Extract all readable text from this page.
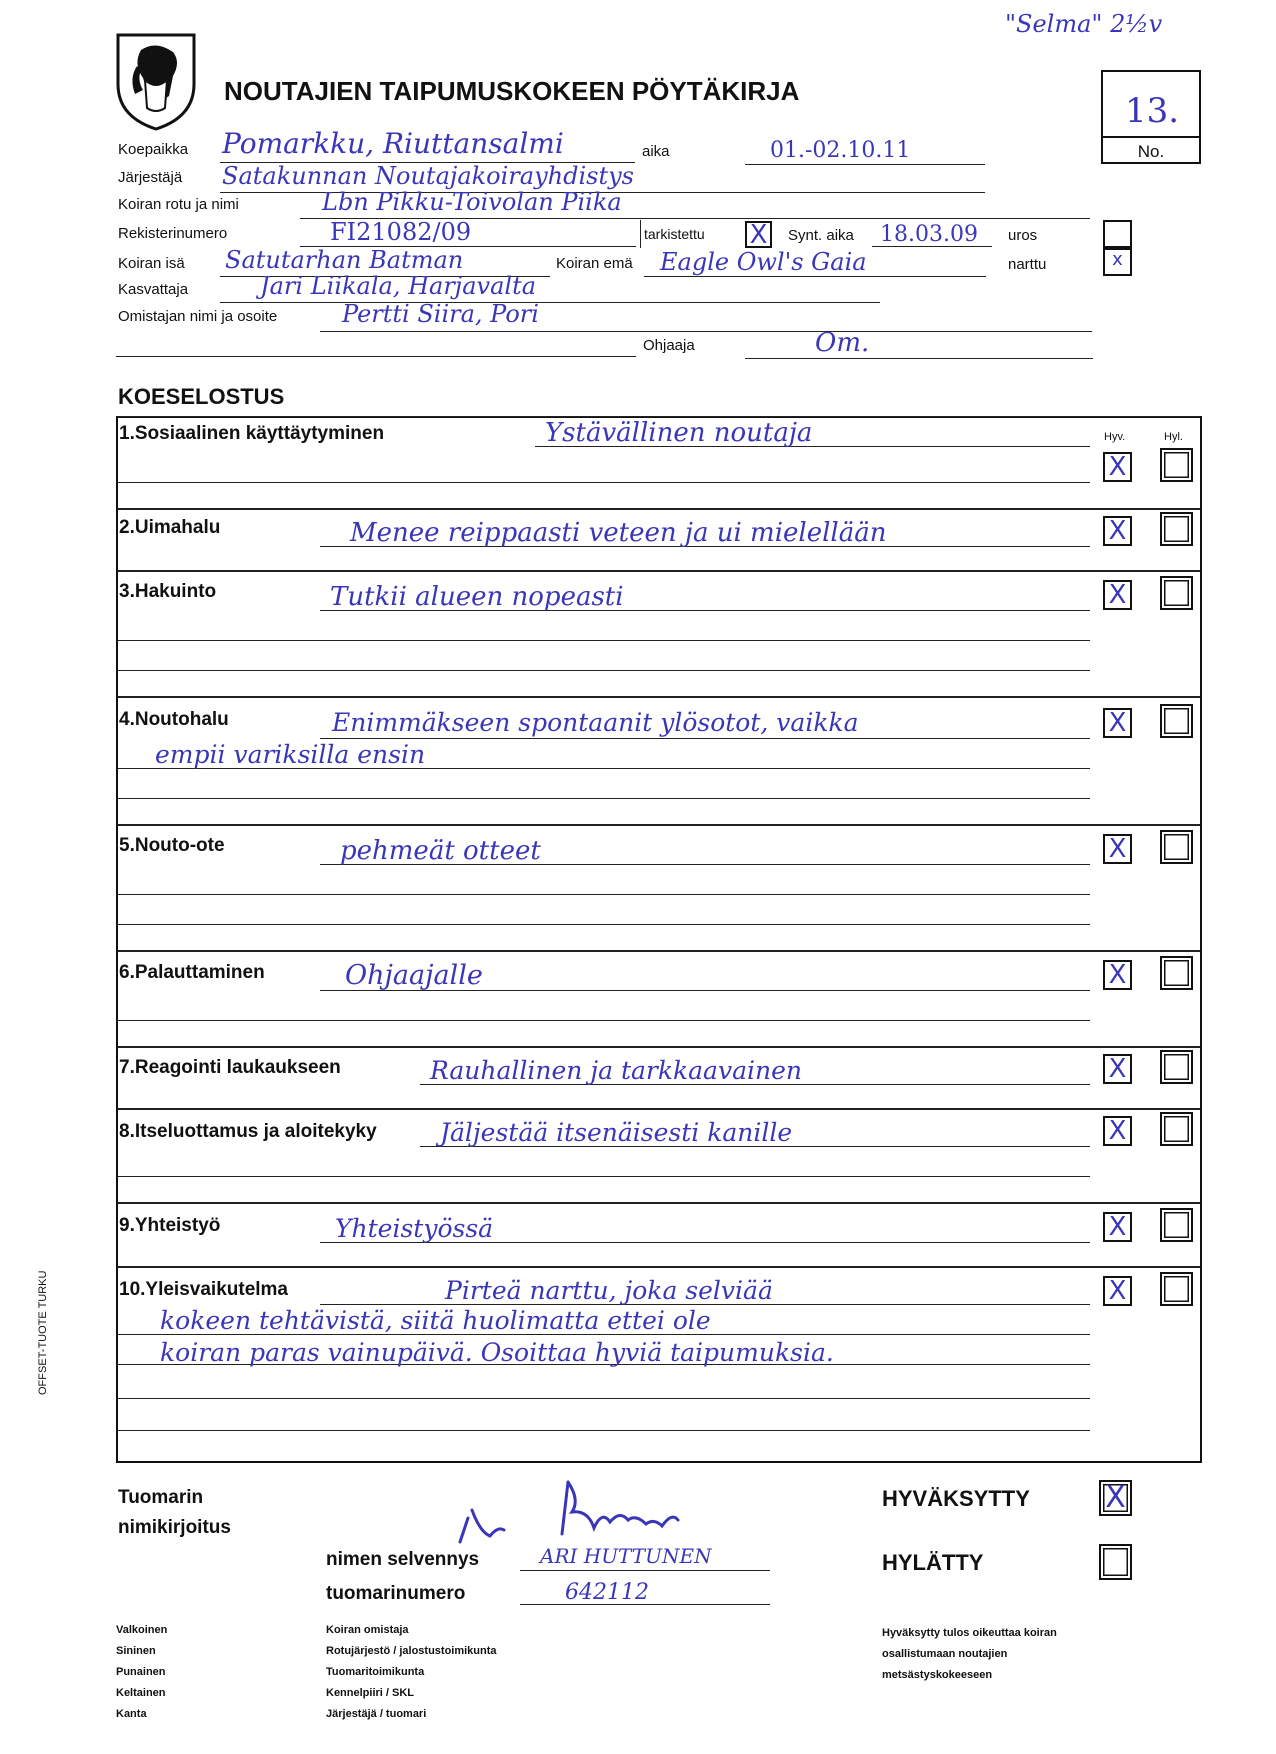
"Selma" 2½v
NOUTAJIEN TAIPUMUSKOKEEN PÖYTÄKIRJA	13.
No.
Koepaikka Pomarkku, Riuttansalmi	aika	01.-02.10.11
Järjestäjä Satakunnan Noutajakoirayhdistys
Koiran rotu ja nimi	Lbn Pikku-Toivolan Piika
Rekisterinumero	FI21082/09	tarkistettu X Synt. aika 18.03.09 uros
Koiran isä Satutarhan Batman	Koiran emä Eagle Owl's Gaia	narttu	x
Kasvattaja	Jari Liikala, Harjavalta
Omistajan nimi ja osoite	Pertti Siira, Pori
Ohjaaja	Om.
KOESELOSTUS
Hyv.	Hyl.
1.Sosiaalinen käyttäytyminen	Ystävällinen noutaja
X
2.Uimahalu	Menee reippaasti veteen ja ui mielellään	X
3.Hakuinto	Tutkii alueen nopeasti	X
4.Noutohalu	Enimmäkseen spontaanit ylösotot, vaikka
empii variksilla ensin
X
5.Nouto-ote	pehmeät otteet	X
6.Palauttaminen	Ohjaajalle	X
7.Reagointi laukaukseen	Rauhallinen ja tarkkaavainen	X
8.Itseluottamus ja aloitekyky	Jäljestää itsenäisesti kanille	X
9.Yhteistyö	Yhteistyössä	X
10.Yleisvaikutelma	Pirteä narttu, joka selviää
kokeen tehtävistä, siitä huolimatta ettei ole
koiran paras vainupäivä. Osoittaa hyviä taipumuksia.
X
OFFSET-TUOTE TURKU
Tuomarin
nimikirjoitus
nimen selvennys	ARI HUTTUNEN
tuomarinumero	642112
HYVÄKSYTTY	X
HYLÄTTY
Valkoinen
Sininen
Punainen
Keltainen
Kanta
Koiran omistaja
Rotujärjestö / jalostustoimikunta
Tuomaritoimikunta
Kennelpiiri / SKL
Järjestäjä / tuomari
Hyväksytty tulos oikeuttaa koiran
osallistumaan noutajien
metsästyskokeeseen
